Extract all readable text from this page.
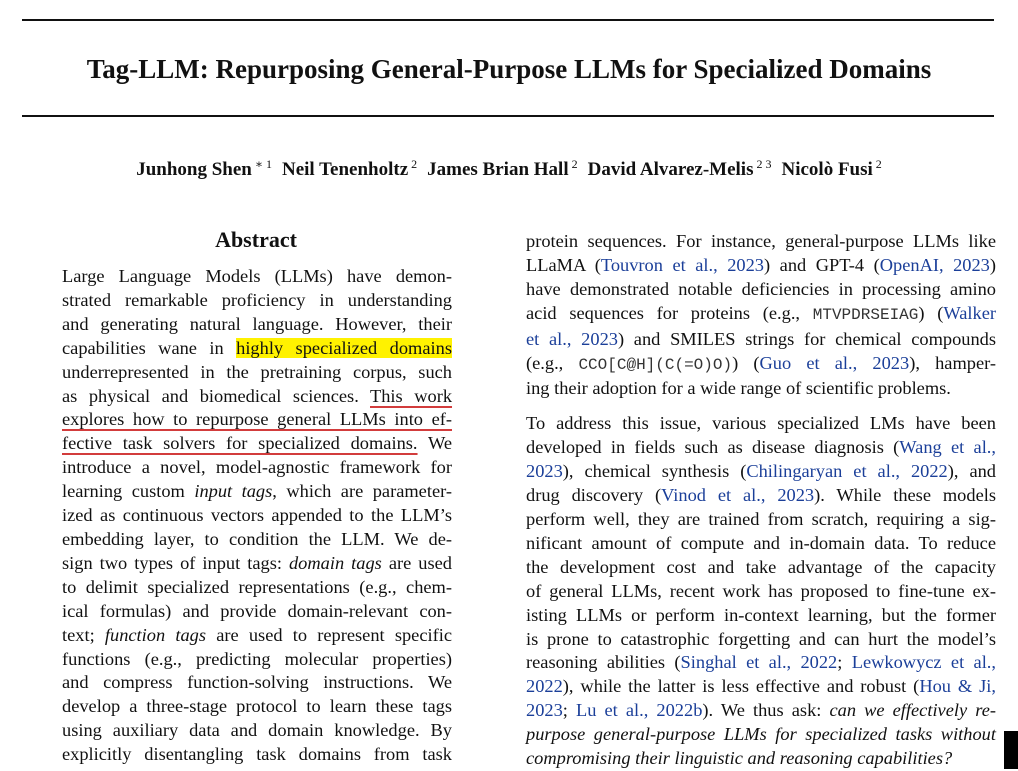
Tag-LLM: Repurposing General-Purpose LLMs for Specialized Domains
Junhong Shen $^{∗ 1}$ Neil Tenenholtz $^2$ James Brian Hall $^2$ David Alvarez-Melis $^{2 3}$ Nicolò Fusi $^2$
Abstract
Large Language Models (LLMs) have demon-
strated remarkable proficiency in understanding
and generating natural language. However, their
capabilities wane in highly specialized domains
underrepresented in the pretraining corpus, such
as physical and biomedical sciences. This work
explores how to repurpose general LLMs into ef-
fective task solvers for specialized domains. We
introduce a novel, model-agnostic framework for
learning custom input tags, which are parameter-
ized as continuous vectors appended to the LLM’s
embedding layer, to condition the LLM. We de-
sign two types of input tags: domain tags are used
to delimit specialized representations (e.g., chem-
ical formulas) and provide domain-relevant con-
text; function tags are used to represent specific
functions (e.g., predicting molecular properties)
and compress function-solving instructions. We
develop a three-stage protocol to learn these tags
using auxiliary data and domain knowledge. By
explicitly disentangling task domains from task
protein sequences. For instance, general-purpose LLMs like
LLaMA (Touvron et al., 2023) and GPT-4 (OpenAI, 2023)
have demonstrated notable deficiencies in processing amino
acid sequences for proteins (e.g., MTVPDRSEIAG) (Walker
et al., 2023) and SMILES strings for chemical compounds
(e.g., CCO[C@H](C(=O)O)) (Guo et al., 2023), hamper-
ing their adoption for a wide range of scientific problems.
To address this issue, various specialized LMs have been
developed in fields such as disease diagnosis (Wang et al.,
2023), chemical synthesis (Chilingaryan et al., 2022), and
drug discovery (Vinod et al., 2023). While these models
perform well, they are trained from scratch, requiring a sig-
nificant amount of compute and in-domain data. To reduce
the development cost and take advantage of the capacity
of general LLMs, recent work has proposed to fine-tune ex-
isting LLMs or perform in-context learning, but the former
is prone to catastrophic forgetting and can hurt the model’s
reasoning abilities (Singhal et al., 2022; Lewkowycz et al.,
2022), while the latter is less effective and robust (Hou & Ji,
2023; Lu et al., 2022b). We thus ask: can we effectively re-
purpose general-purpose LLMs for specialized tasks without
compromising their linguistic and reasoning capabilities?
